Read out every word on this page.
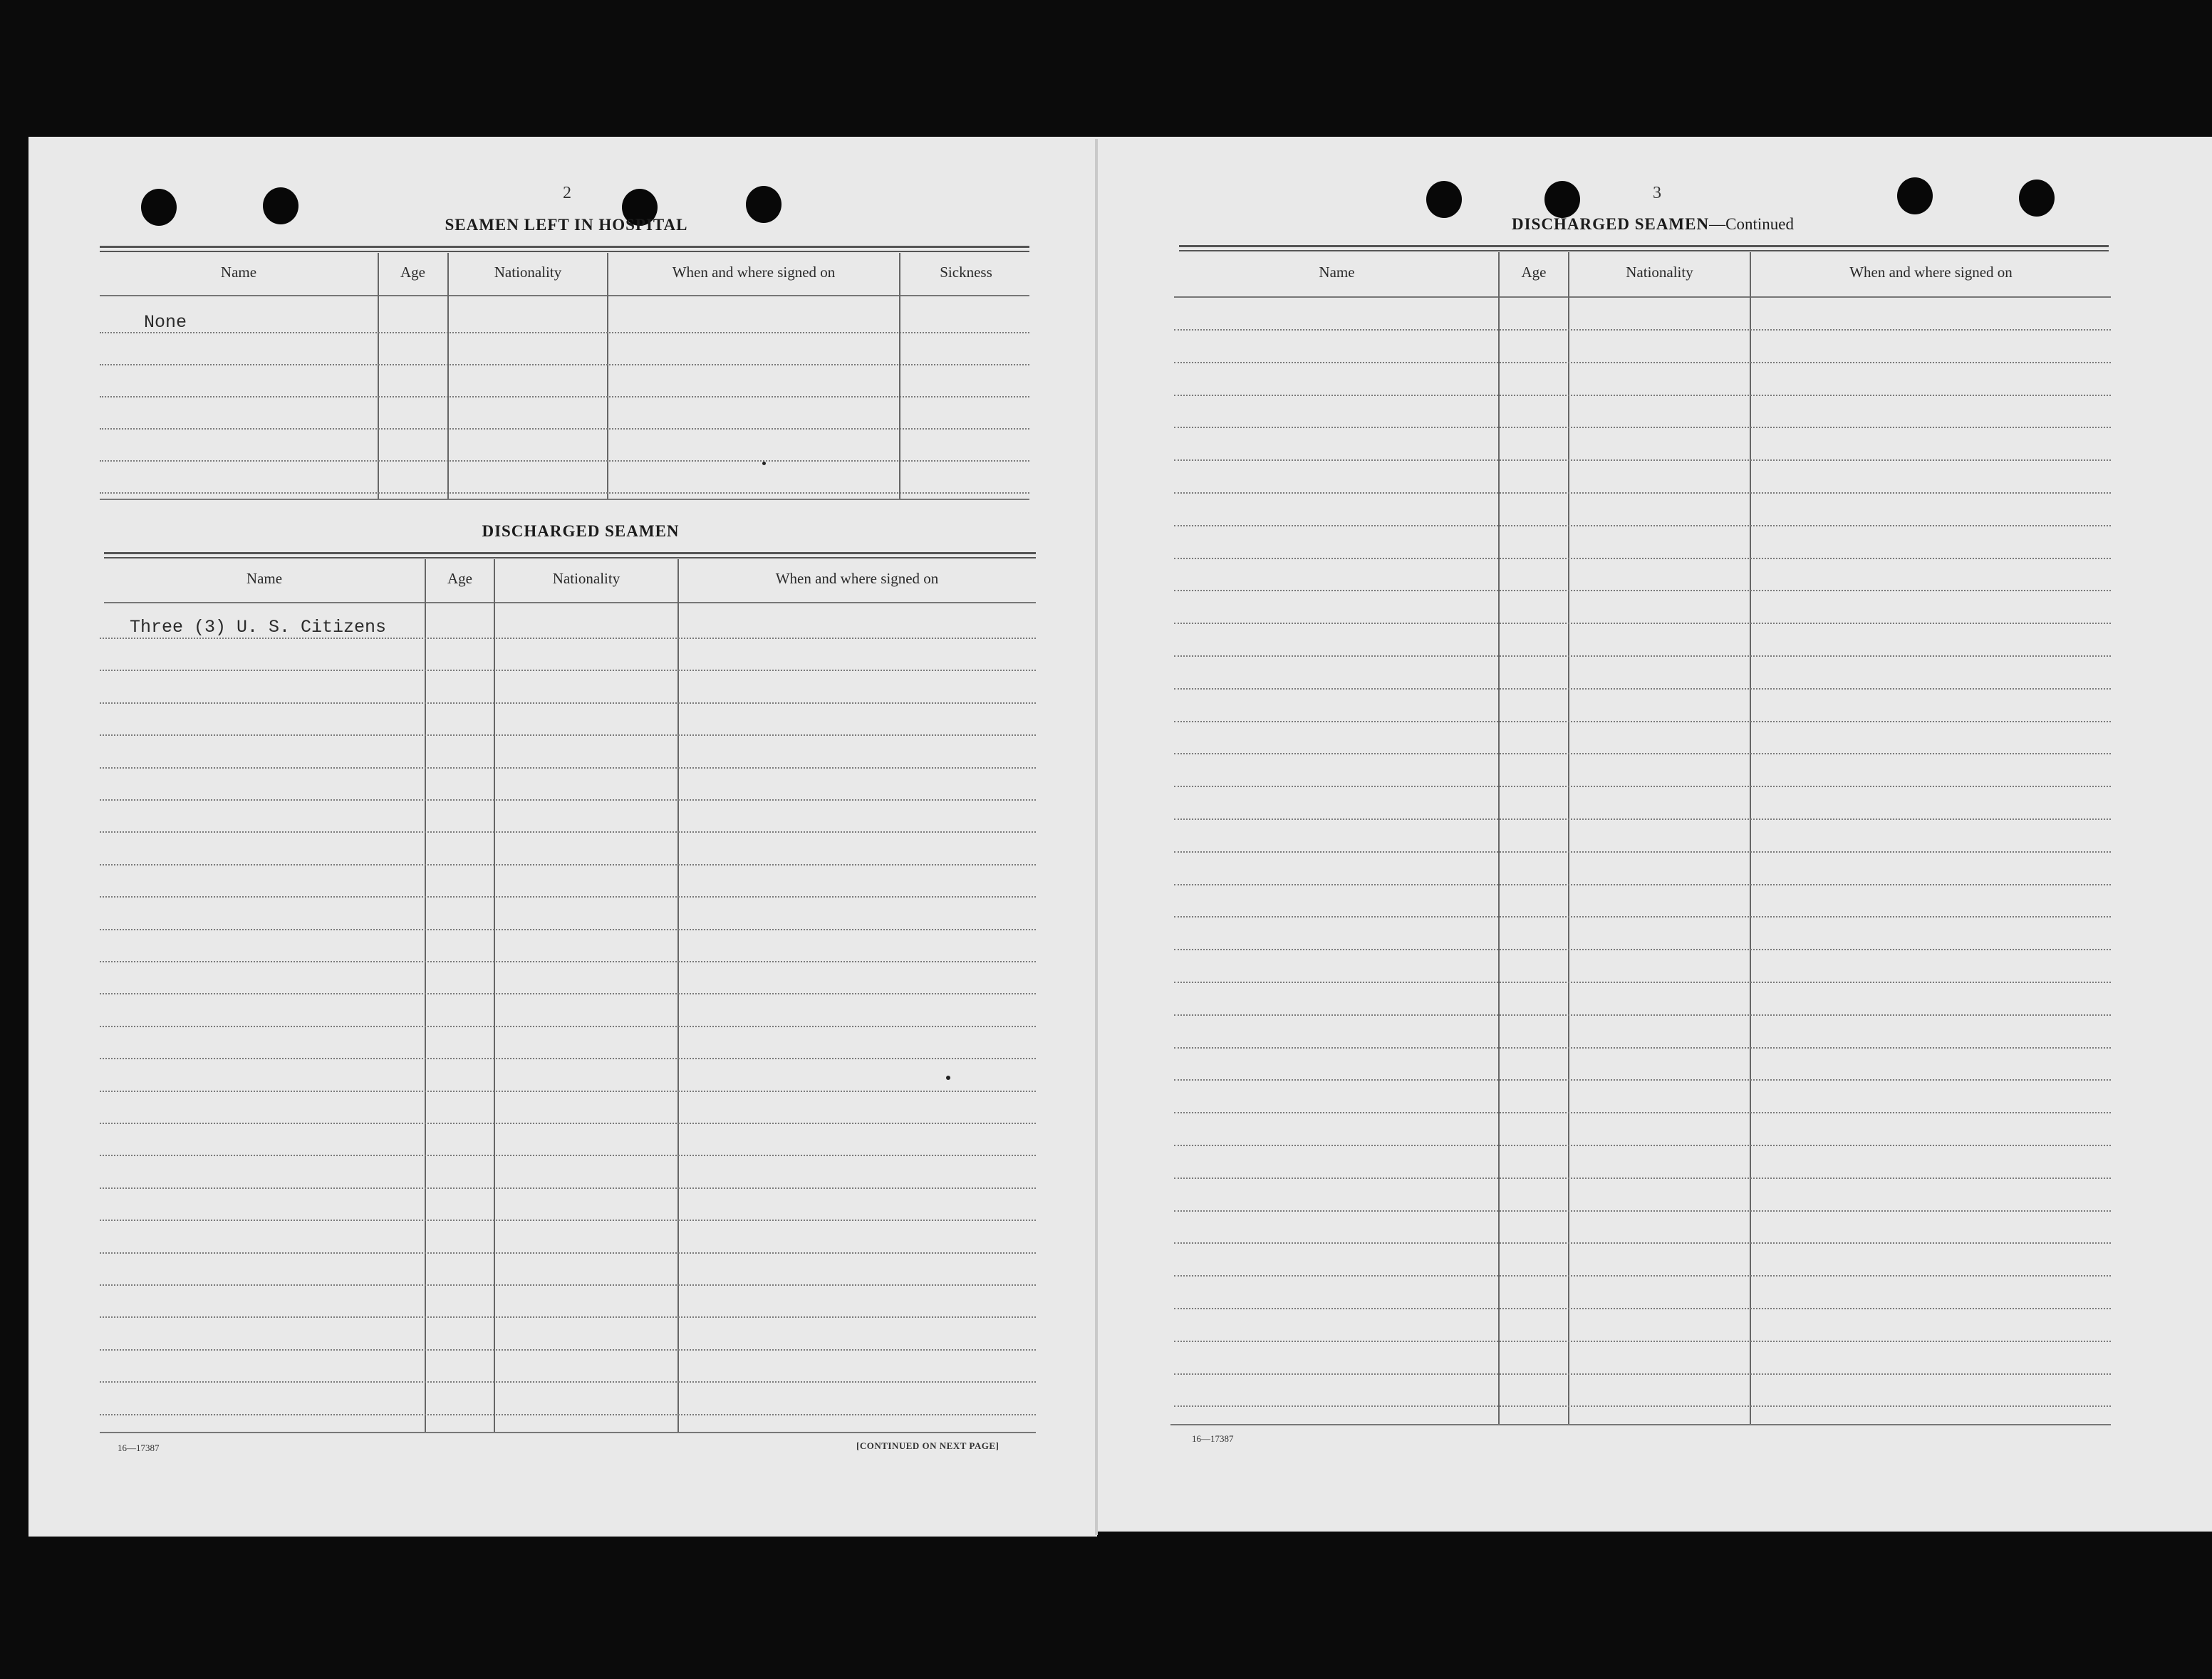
2
SEAMEN LEFT IN HOSPITAL
Name	Age	Nationality	When and where signed on	Sickness
None
DISCHARGED SEAMEN
Name	Age	Nationality	When and where signed on
Three (3) U. S. Citizens
16—17387	[CONTINUED ON NEXT PAGE]
3
DISCHARGED SEAMEN—Continued
Name	Age	Nationality	When and where signed on
16—17387
